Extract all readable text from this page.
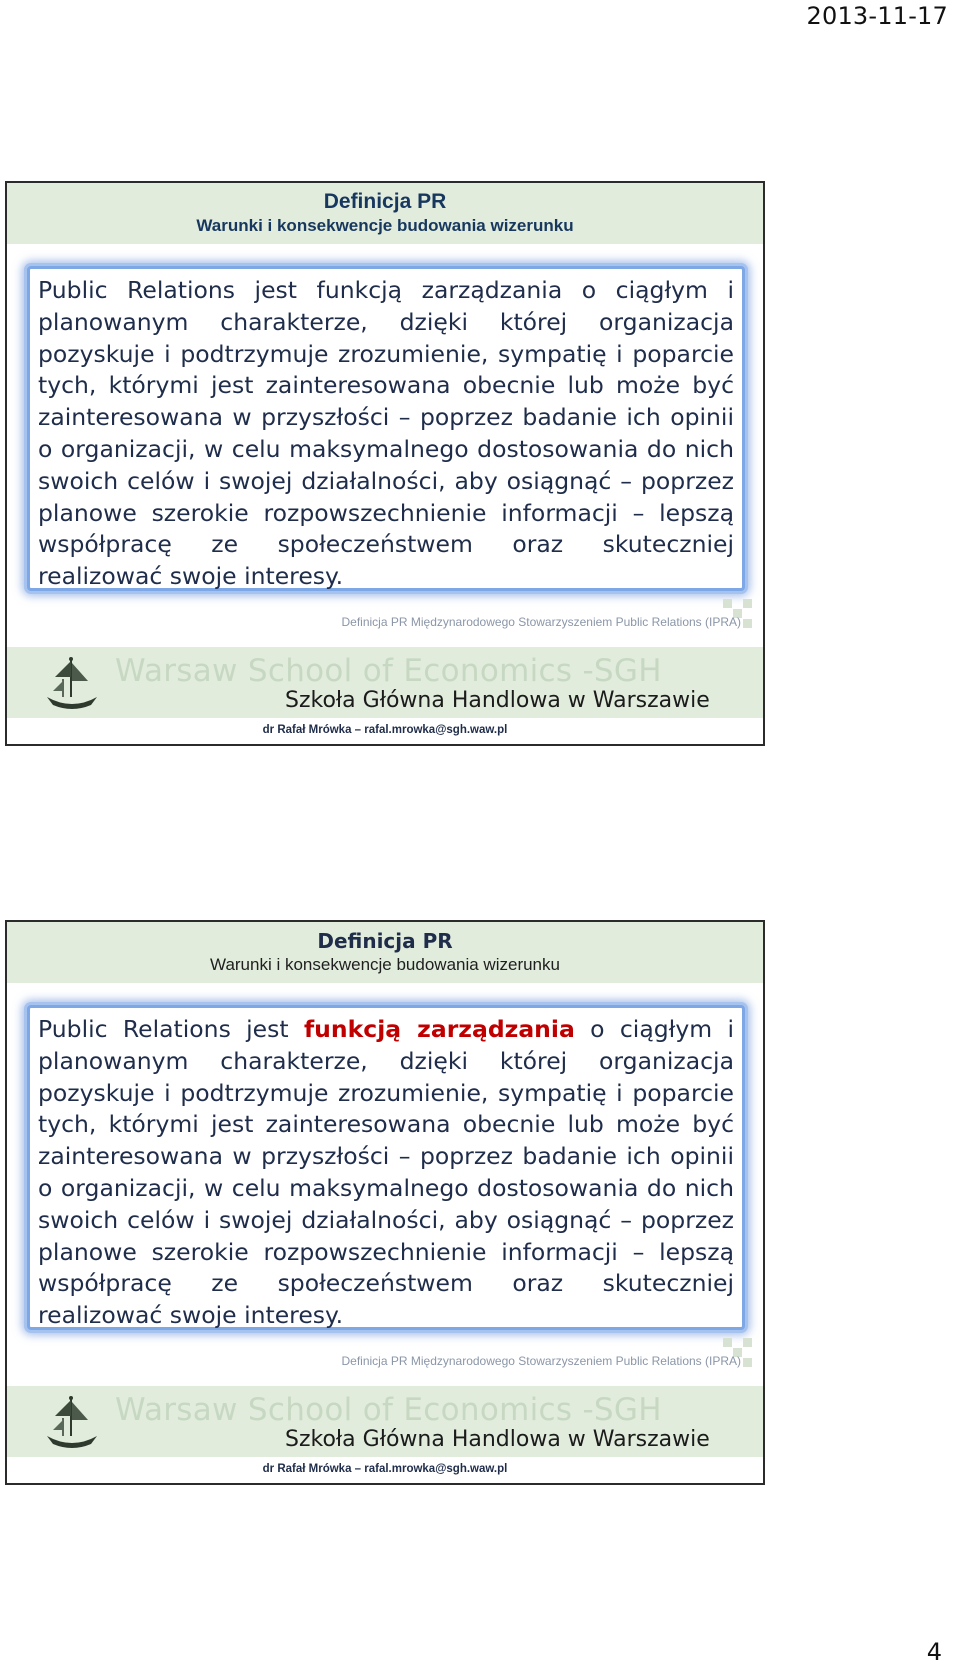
2013-11-17
Definicja PR
Warunki i konsekwencje budowania wizerunku

Public Relations jest funkcją zarządzania o ciągłym i planowanym charakterze, dzięki której organizacja pozyskuje i podtrzymuje zrozumienie, sympatię i poparcie tych, którymi jest zainteresowana obecnie lub może być zainteresowana w przyszłości – poprzez badanie ich opinii o organizacji, w celu maksymalnego dostosowania do nich swoich celów i swojej działalności, aby osiągnąć – poprzez planowe szerokie rozpowszechnienie informacji – lepszą współpracę ze społeczeństwem oraz skuteczniej realizować swoje interesy.

Definicja PR Międzynarodowego Stowarzyszeniem Public Relations (IPRA)
Warsaw School of Economics -SGH
Szkoła Główna Handlowa w Warszawie
dr Rafał Mrówka – rafal.mrowka@sgh.waw.pl
Definicja PR
Warunki i konsekwencje budowania wizerunku

Public Relations jest funkcją zarządzania o ciągłym i planowanym charakterze, dzięki której organizacja pozyskuje i podtrzymuje zrozumienie, sympatię i poparcie tych, którymi jest zainteresowana obecnie lub może być zainteresowana w przyszłości – poprzez badanie ich opinii o organizacji, w celu maksymalnego dostosowania do nich swoich celów i swojej działalności, aby osiągnąć – poprzez planowe szerokie rozpowszechnienie informacji – lepszą współpracę ze społeczeństwem oraz skuteczniej realizować swoje interesy.

Definicja PR Międzynarodowego Stowarzyszeniem Public Relations (IPRA)
Warsaw School of Economics -SGH
Szkoła Główna Handlowa w Warszawie
dr Rafał Mrówka – rafal.mrowka@sgh.waw.pl
4
